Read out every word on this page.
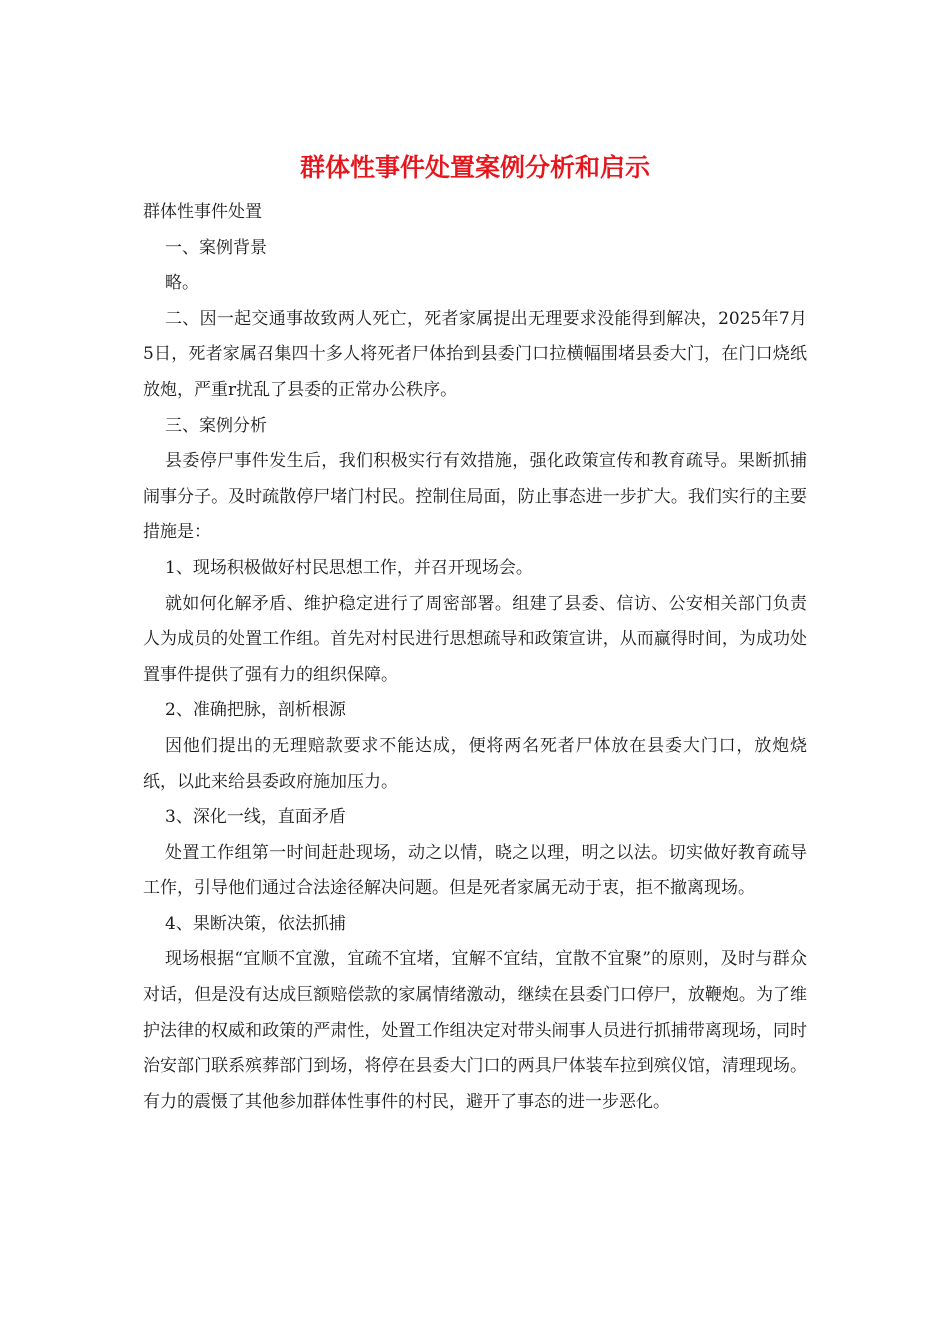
群体性事件处置案例分析和启示

群体性事件处置

一、案例背景

略。

二、因一起交通事故致两人死亡，死者家属提出无理要求没能得到解决，2025年7月5日，死者家属召集四十多人将死者尸体抬到县委门口拉横幅围堵县委大门，在门口烧纸放炮，严重r扰乱了县委的正常办公秩序。

三、案例分析

县委停尸事件发生后，我们积极实行有效措施，强化政策宣传和教育疏导。果断抓捕闹事分子。及时疏散停尸堵门村民。控制住局面，防止事态进一步扩大。我们实行的主要措施是：

1、现场积极做好村民思想工作，并召开现场会。

就如何化解矛盾、维护稳定进行了周密部署。组建了县委、信访、公安相关部门负责人为成员的处置工作组。首先对村民进行思想疏导和政策宣讲，从而赢得时间，为成功处置事件提供了强有力的组织保障。

2、准确把脉，剖析根源

因他们提出的无理赔款要求不能达成，便将两名死者尸体放在县委大门口，放炮烧纸，以此来给县委政府施加压力。

3、深化一线，直面矛盾

处置工作组第一时间赶赴现场，动之以情，晓之以理，明之以法。切实做好教育疏导工作，引导他们通过合法途径解决问题。但是死者家属无动于衷，拒不撤离现场。

4、果断决策，依法抓捕

现场根据“宜顺不宜激，宜疏不宜堵，宜解不宜结，宜散不宜聚”的原则，及时与群众对话，但是没有达成巨额赔偿款的家属情绪激动，继续在县委门口停尸，放鞭炮。为了维护法律的权威和政策的严肃性，处置工作组决定对带头闹事人员进行抓捕带离现场，同时治安部门联系殡葬部门到场，将停在县委大门口的两具尸体装车拉到殡仪馆，清理现场。有力的震慑了其他参加群体性事件的村民，避开了事态的进一步恶化。
